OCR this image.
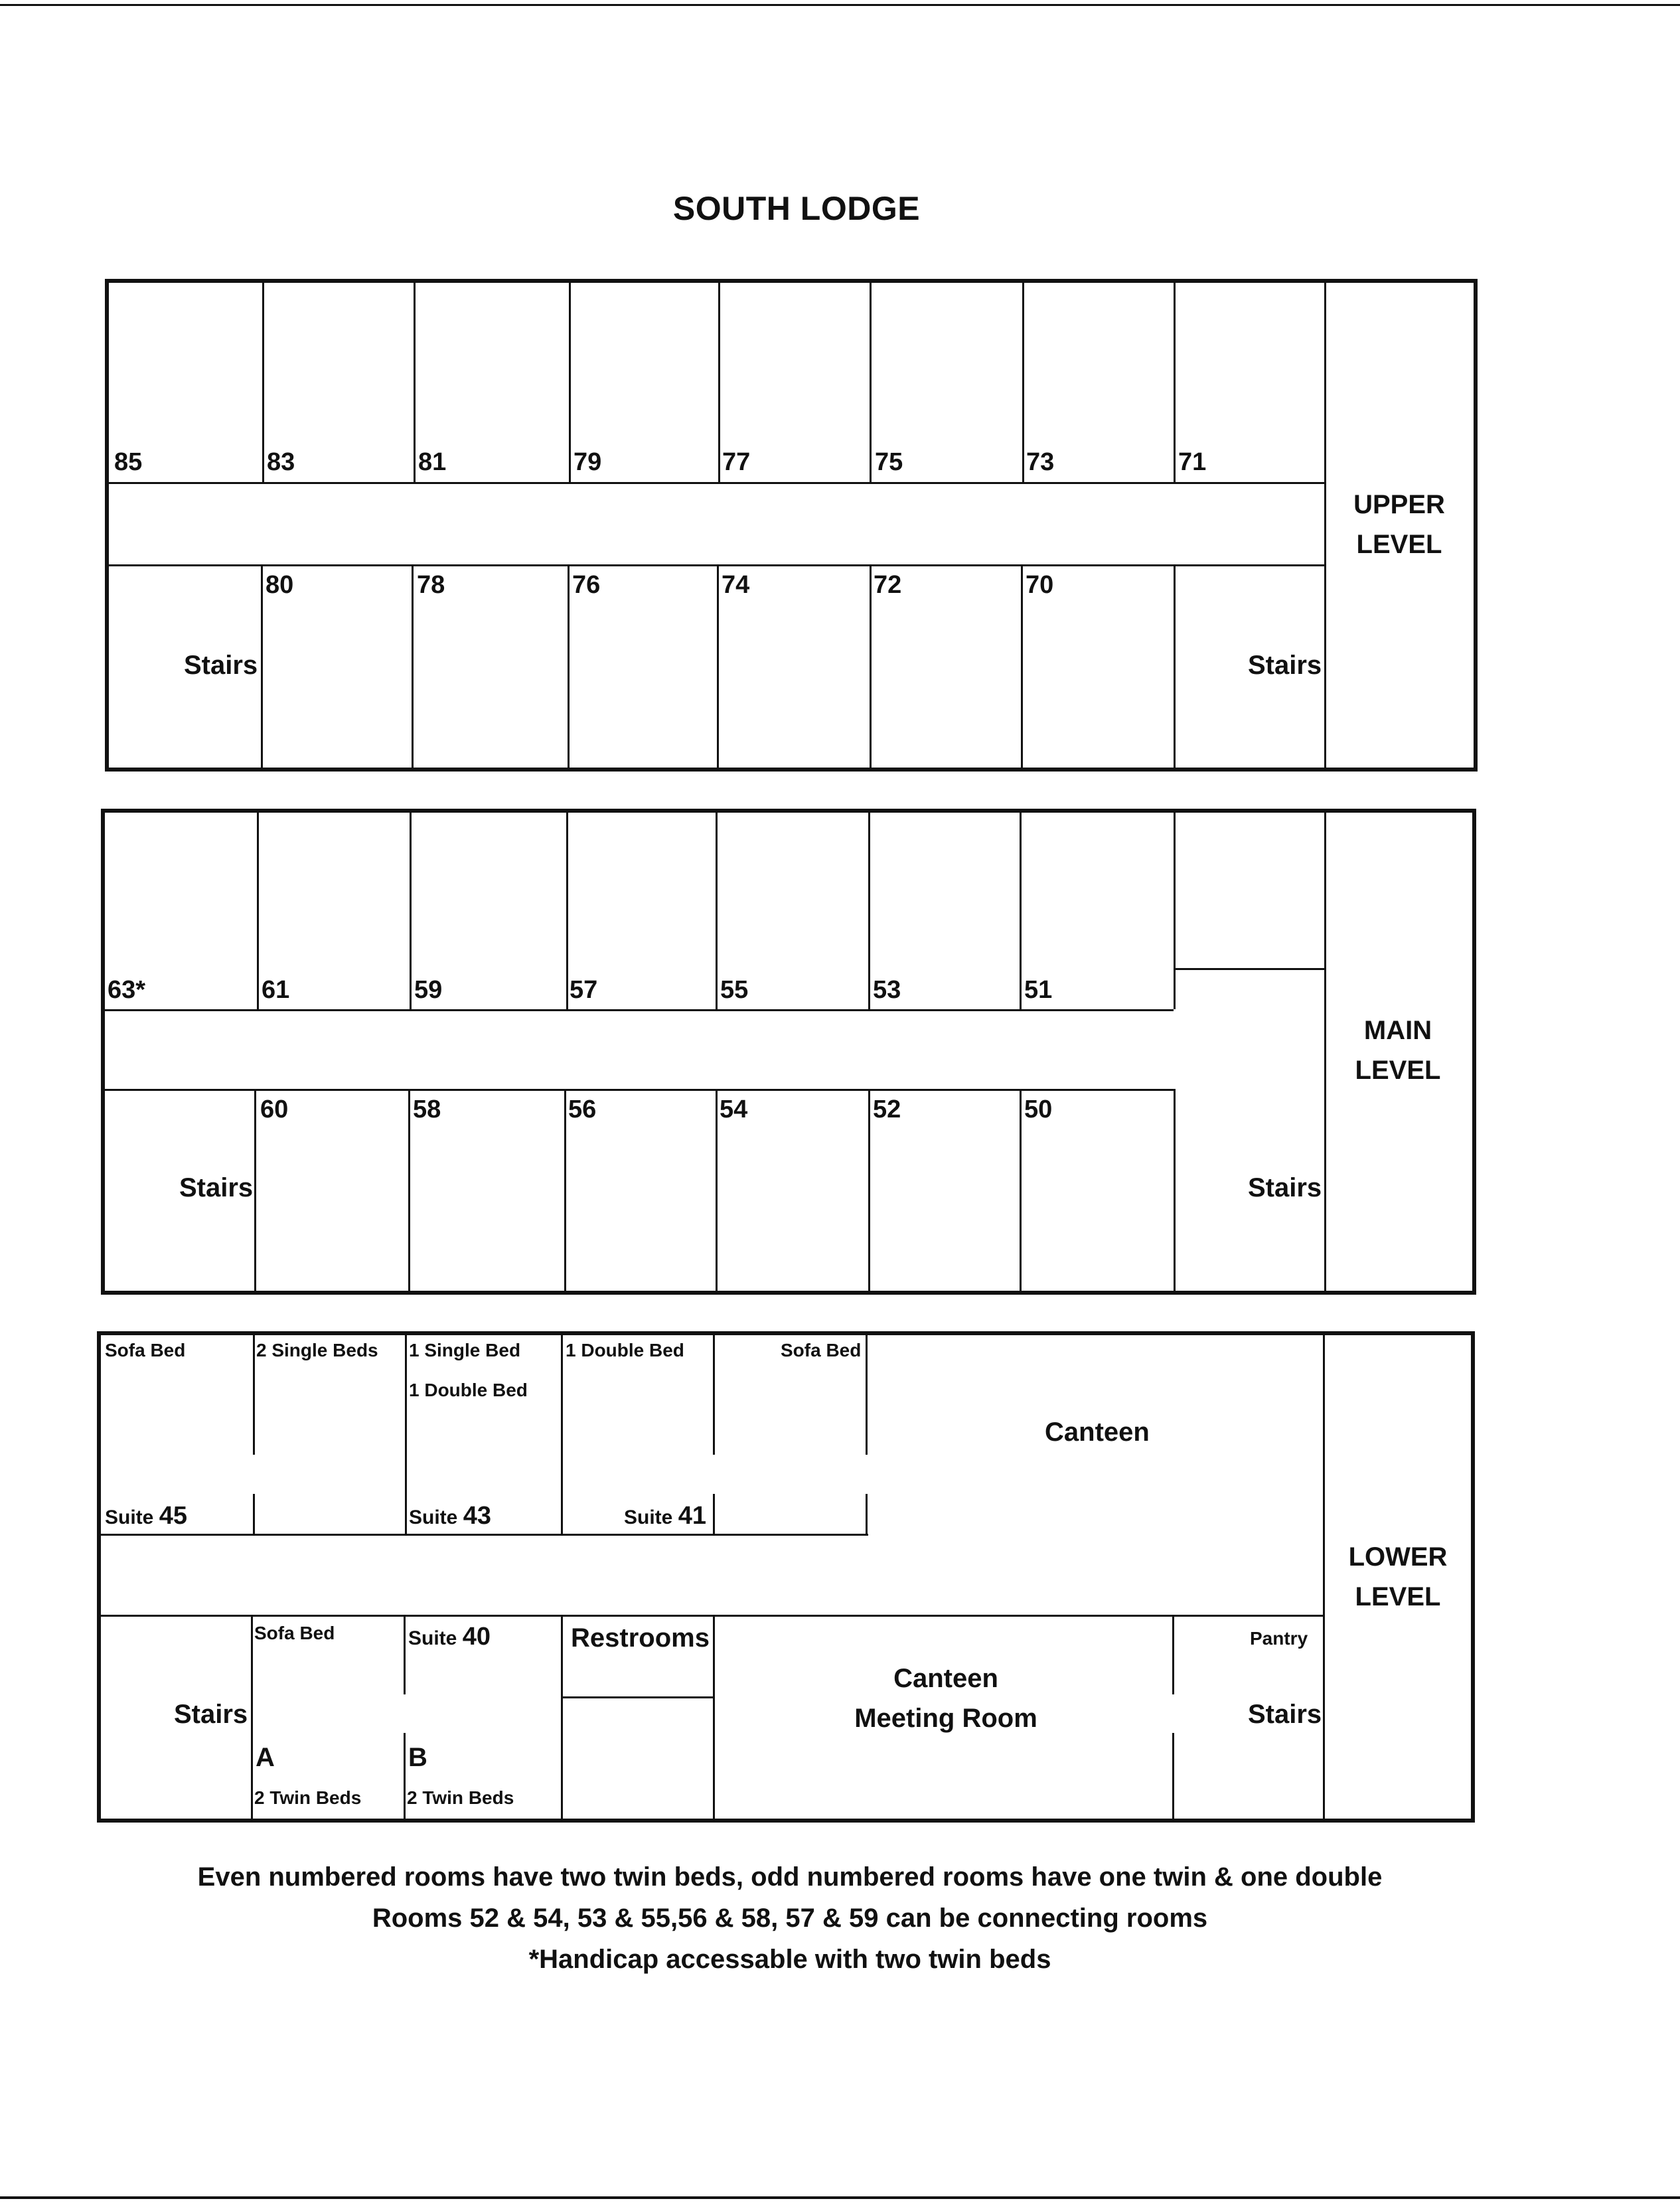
SOUTH LODGE
85	83	81	79	77	75	73	71
80	78	76	74	72	70
Stairs	Stairs
UPPER
LEVEL
63*	61	59	57	55	53	51
60	58	56	54	52	50
Stairs	Stairs
MAIN
LEVEL
Sofa Bed	2 Single Beds 1 Single Bed
1 Double Bed
1 Double Bed	Sofa Bed
Suite 45	Suite 43	Suite 41
Canteen
Stairs
Sofa Bed	Suite 40
A	B
2 Twin Beds 2 Twin Beds
Restrooms
Canteen
Meeting Room
Pantry
Stairs
LOWER
LEVEL
Even numbered rooms have two twin beds, odd numbered rooms have one twin & one double
Rooms 52 & 54, 53 & 55,56 & 58, 57 & 59 can be connecting rooms
*Handicap accessable with two twin beds
